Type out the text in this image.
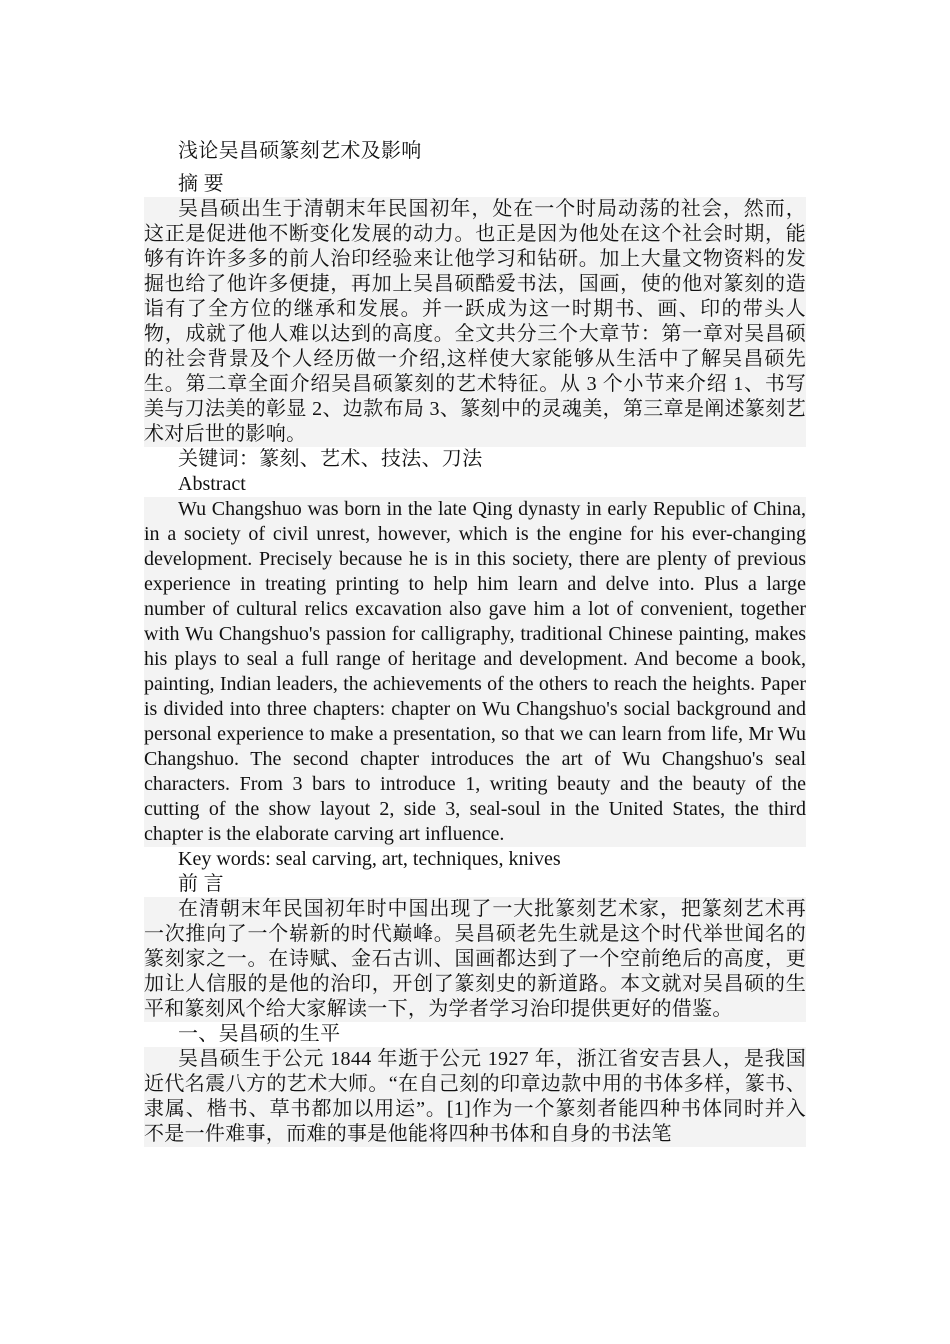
浅论吴昌硕篆刻艺术及影响

摘 要

吴昌硕出生于清朝末年民国初年，处在一个时局动荡的社会，然而，这正是促进他不断变化发展的动力。也正是因为他处在这个社会时期，能够有许许多多的前人治印经验来让他学习和钻研。加上大量文物资料的发掘也给了他许多便捷，再加上吴昌硕酷爱书法，国画，使的他对篆刻的造诣有了全方位的继承和发展。并一跃成为这一时期书、画、印的带头人物，成就了他人难以达到的高度。全文共分三个大章节：第一章对吴昌硕的社会背景及个人经历做一介绍,这样使大家能够从生活中了解吴昌硕先生。第二章全面介绍吴昌硕篆刻的艺术特征。从 3 个小节来介绍 1、书写美与刀法美的彰显 2、边款布局 3、篆刻中的灵魂美，第三章是阐述篆刻艺术对后世的影响。

关键词：篆刻、艺术、技法、刀法

Abstract

Wu Changshuo was born in the late Qing dynasty in early Republic of China, in a society of civil unrest, however, which is the engine for his ever-changing development. Precisely because he is in this society, there are plenty of previous experience in treating printing to help him learn and delve into. Plus a large number of cultural relics excavation also gave him a lot of convenient, together with Wu Changshuo's passion for calligraphy, traditional Chinese painting, makes his plays to seal a full range of heritage and development. And become a book, painting, Indian leaders, the achievements of the others to reach the heights. Paper is divided into three chapters: chapter on Wu Changshuo's social background and personal experience to make a presentation, so that we can learn from life, Mr Wu Changshuo. The second chapter introduces the art of Wu Changshuo's seal characters. From 3 bars to introduce 1, writing beauty and the beauty of the cutting of the show layout 2, side 3, seal-soul in the United States, the third chapter is the elaborate carving art influence.

Key words: seal carving, art, techniques, knives

前 言

在清朝末年民国初年时中国出现了一大批篆刻艺术家，把篆刻艺术再一次推向了一个崭新的时代巅峰。吴昌硕老先生就是这个时代举世闻名的篆刻家之一。在诗赋、金石古训、国画都达到了一个空前绝后的高度，更加让人信服的是他的治印，开创了篆刻史的新道路。本文就对吴昌硕的生平和篆刻风个给大家解读一下，为学者学习治印提供更好的借鉴。

一、吴昌硕的生平

吴昌硕生于公元 1844 年逝于公元 1927 年，浙江省安吉县人，是我国近代名震八方的艺术大师。“在自己刻的印章边款中用的书体多样，篆书、隶属、楷书、草书都加以用运”。[1]作为一个篆刻者能四种书体同时并入不是一件难事，而难的事是他能将四种书体和自身的书法笔
